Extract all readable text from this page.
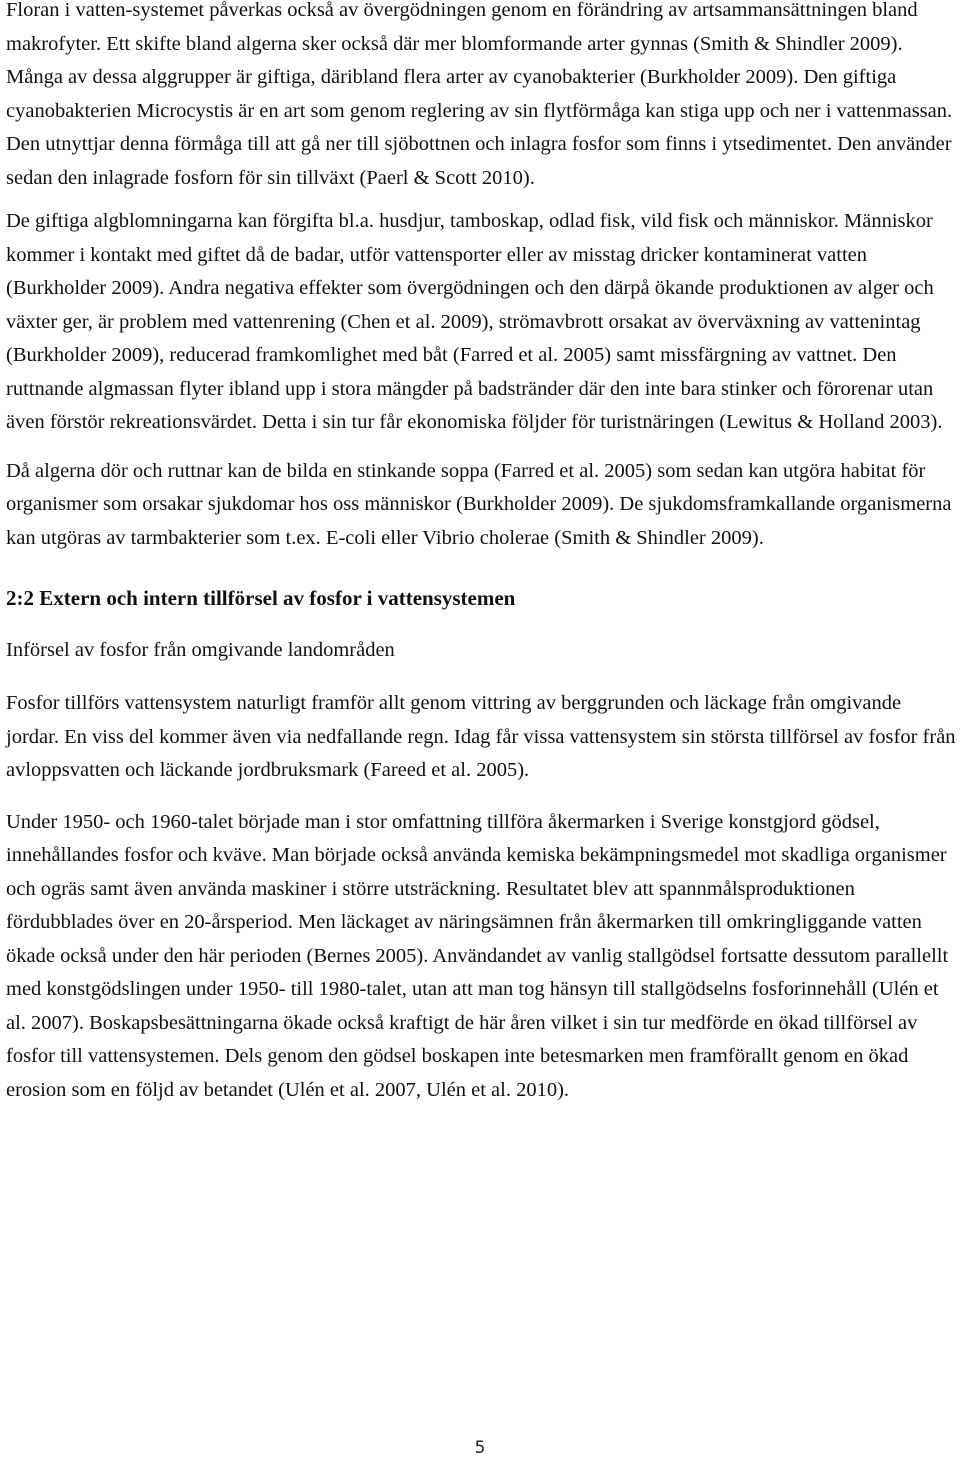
Floran i vatten-systemet påverkas också av övergödningen genom en förändring av artsammansättningen bland makrofyter. Ett skifte bland algerna sker också där mer blomformande arter gynnas (Smith & Shindler 2009). Många av dessa alggrupper är giftiga, däribland flera arter av cyanobakterier (Burkholder 2009). Den giftiga cyanobakterien Microcystis är en art som genom reglering av sin flytförmåga kan stiga upp och ner i vattenmassan. Den utnyttjar denna förmåga till att gå ner till sjöbottnen och inlagra fosfor som finns i ytsedimentet. Den använder sedan den inlagrade fosforn för sin tillväxt (Paerl & Scott 2010).

De giftiga algblomningarna kan förgifta bl.a. husdjur, tamboskap, odlad fisk, vild fisk och människor. Människor kommer i kontakt med giftet då de badar, utför vattensporter eller av misstag dricker kontaminerat vatten (Burkholder 2009). Andra negativa effekter som övergödningen och den därpå ökande produktionen av alger och växter ger, är problem med vattenrening (Chen et al. 2009), strömavbrott orsakat av överväxning av vattenintag (Burkholder 2009), reducerad framkomlighet med båt (Farred et al. 2005) samt missfärgning av vattnet. Den ruttnande algmassan flyter ibland upp i stora mängder på badstränder där den inte bara stinker och förorenar utan även förstör rekreationsvärdet. Detta i sin tur får ekonomiska följder för turistnäringen (Lewitus & Holland 2003).

Då algerna dör och ruttnar kan de bilda en stinkande soppa (Farred et al. 2005) som sedan kan utgöra habitat för organismer som orsakar sjukdomar hos oss människor (Burkholder 2009). De sjukdomsframkallande organismerna kan utgöras av tarmbakterier som t.ex. E-coli eller Vibrio cholerae (Smith & Shindler 2009).

2:2 Extern och intern tillförsel av fosfor i vattensystemen

Införsel av fosfor från omgivande landområden

Fosfor tillförs vattensystem naturligt framför allt genom vittring av berggrunden och läckage från omgivande jordar. En viss del kommer även via nedfallande regn. Idag får vissa vattensystem sin största tillförsel av fosfor från avloppsvatten och läckande jordbruksmark (Fareed et al. 2005).

Under 1950- och 1960-talet började man i stor omfattning tillföra åkermarken i Sverige konstgjord gödsel, innehållandes fosfor och kväve. Man började också använda kemiska bekämpningsmedel mot skadliga organismer och ogräs samt även använda maskiner i större utsträckning. Resultatet blev att spannmålsproduktionen fördubblades över en 20-årsperiod. Men läckaget av näringsämnen från åkermarken till omkringliggande vatten ökade också under den här perioden (Bernes 2005). Användandet av vanlig stallgödsel fortsatte dessutom parallellt med konstgödslingen under 1950- till 1980-talet, utan att man tog hänsyn till stallgödselns fosforinnehåll (Ulén et al. 2007). Boskapsbesättningarna ökade också kraftigt de här åren vilket i sin tur medförde en ökad tillförsel av fosfor till vattensystemen. Dels genom den gödsel boskapen inte betesmarken men framförallt genom en ökad erosion som en följd av betandet (Ulén et al. 2007, Ulén et al. 2010).

5
